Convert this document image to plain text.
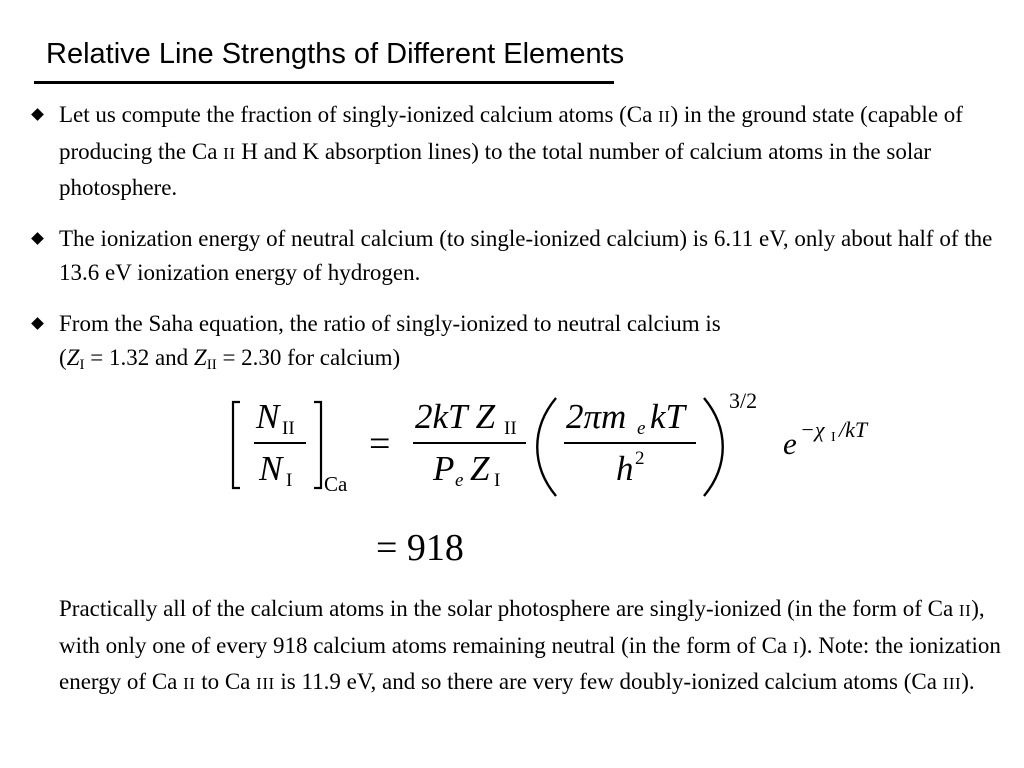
Relative Line Strengths of Different Elements
Let us compute the fraction of singly-ionized calcium atoms (Ca II) in the ground state (capable of producing the Ca II H and K absorption lines) to the total number of calcium atoms in the solar photosphere.
The ionization energy of neutral calcium (to single-ionized calcium) is 6.11 eV, only about half of the 13.6 eV ionization energy of hydrogen.
From the Saha equation, the ratio of singly-ionized to neutral calcium is
($Z_I = 1.32$ and $Z_{II} = 2.30$ for calcium)
N II
N I Ca
=
2kT Z II
P e Z I
2πm e kT
h 2
3/2
e −χ I /kT
= 918
Practically all of the calcium atoms in the solar photosphere are singly-ionized (in the form of Ca II), with only one of every 918 calcium atoms remaining neutral (in the form of Ca I). Note: the ionization energy of Ca II to Ca III is 11.9 eV, and so there are very few doubly-ionized calcium atoms (Ca III).
